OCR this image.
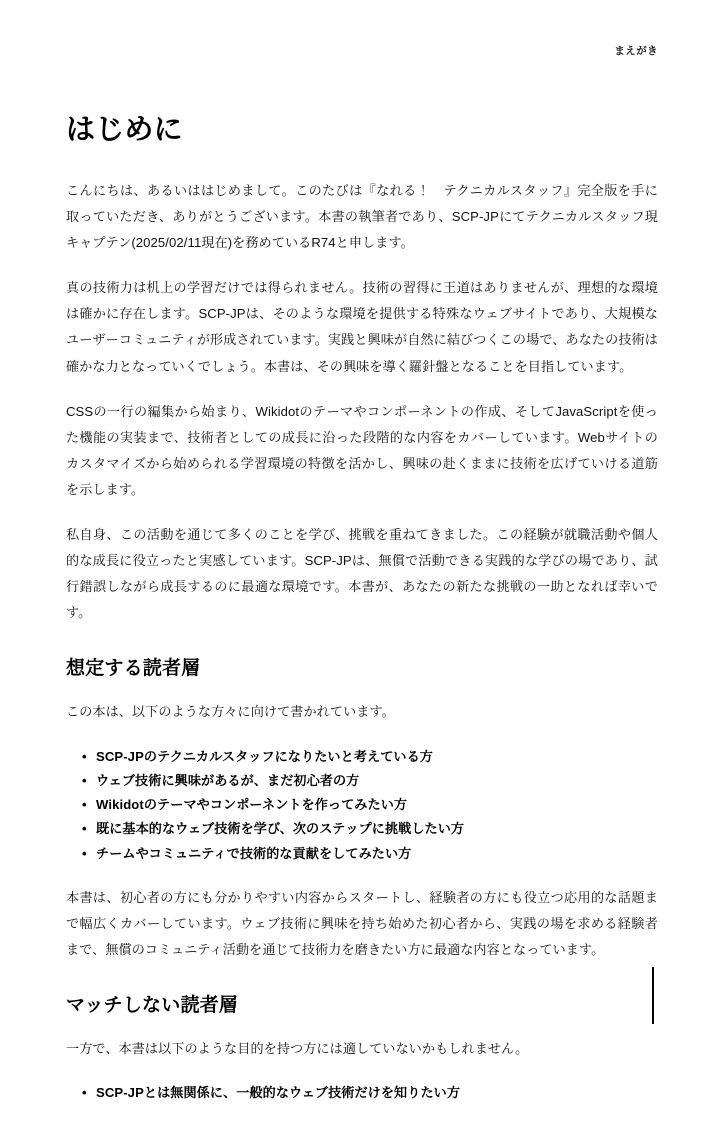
まえがき
はじめに

こんにちは、あるいははじめまして。このたびは『なれる！　テクニカルスタッフ』完全版を手に取っていただき、ありがとうございます。本書の執筆者であり、SCP-JPにてテクニカルスタッフ現キャプテン(2025/02/11現在)を務めているR74と申します。

真の技術力は机上の学習だけでは得られません。技術の習得に王道はありませんが、理想的な環境は確かに存在します。SCP-JPは、そのような環境を提供する特殊なウェブサイトであり、大規模なユーザーコミュニティが形成されています。実践と興味が自然に結びつくこの場で、あなたの技術は確かな力となっていくでしょう。本書は、その興味を導く羅針盤となることを目指しています。

CSSの一行の編集から始まり、Wikidotのテーマやコンポーネントの作成、そしてJavaScriptを使った機能の実装まで、技術者としての成長に沿った段階的な内容をカバーしています。Webサイトのカスタマイズから始められる学習環境の特徴を活かし、興味の赴くままに技術を広げていける道筋を示します。

私自身、この活動を通じて多くのことを学び、挑戦を重ねてきました。この経験が就職活動や個人的な成長に役立ったと実感しています。SCP-JPは、無償で活動できる実践的な学びの場であり、試行錯誤しながら成長するのに最適な環境です。本書が、あなたの新たな挑戦の一助となれば幸いです。

想定する読者層

この本は、以下のような方々に向けて書かれています。

• SCP-JPのテクニカルスタッフになりたいと考えている方
• ウェブ技術に興味があるが、まだ初心者の方
• Wikidotのテーマやコンポーネントを作ってみたい方
• 既に基本的なウェブ技術を学び、次のステップに挑戦したい方
• チームやコミュニティで技術的な貢献をしてみたい方

本書は、初心者の方にも分かりやすい内容からスタートし、経験者の方にも役立つ応用的な話題まで幅広くカバーしています。ウェブ技術に興味を持ち始めた初心者から、実践の場を求める経験者まで、無償のコミュニティ活動を通じて技術力を磨きたい方に最適な内容となっています。

マッチしない読者層

一方で、本書は以下のような目的を持つ方には適していないかもしれません。

• SCP-JPとは無関係に、一般的なウェブ技術だけを知りたい方
